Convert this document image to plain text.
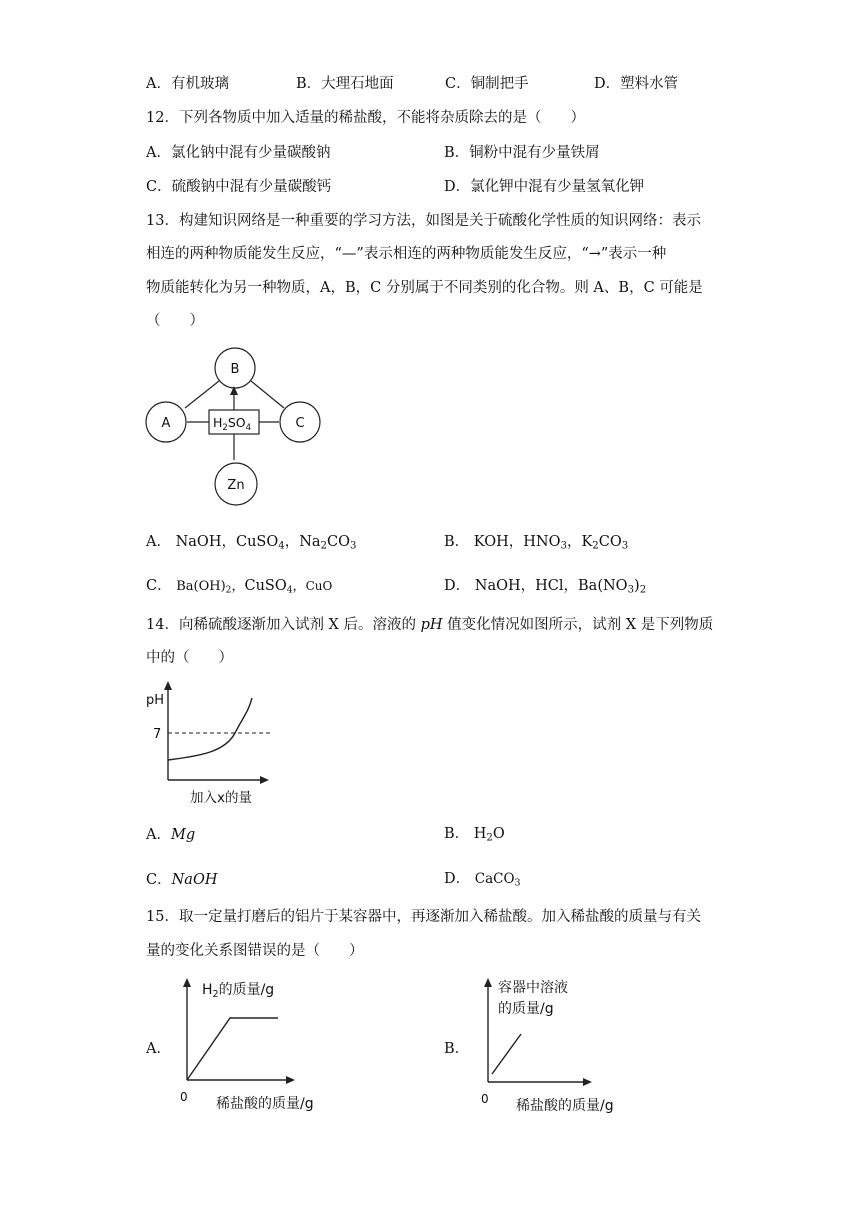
A．有机玻璃	B．大理石地面	C．铜制把手	D．塑料水管
12．下列各物质中加入适量的稀盐酸，不能将杂质除去的是（　　）
A．氯化钠中混有少量碳酸钠	B．铜粉中混有少量铁屑
C．硫酸钠中混有少量碳酸钙	D．氯化钾中混有少量氢氧化钾
13．构建知识网络是一种重要的学习方法，如图是关于硫酸化学性质的知识网络：表示
相连的两种物质能发生反应，“—”表示相连的两种物质能发生反应，“→”表示一种
物质能转化为另一种物质，A，B，C 分别属于不同类别的化合物。则 A、B，C 可能是
（　　）
B
A	C
Zn
$H_2SO_4$
A． NaOH，CuSO$_4$，$Na_2CO_3$	B． KOH，$HNO_3$，$K_2CO_3$
C． $Ba(OH)_2$，CuSO$_4$，CuO	D． NaOH，HCl，$Ba(NO_3)_2$
14．向稀硫酸逐渐加入试剂 X 后。溶液的 pH 值变化情况如图所示，试剂 X 是下列物质
中的（　　）
pH
7
加入x的量
A．Mg	B． $H_2O$
C．NaOH	D． CaCO$_3$
15．取一定量打磨后的铝片于某容器中，再逐渐加入稀盐酸。加入稀盐酸的质量与有关
量的变化关系图错误的是（　　）
A．
$H_2$的质量/g
0 稀盐酸的质量/g
B．
容器中溶液
的质量/g
0 稀盐酸的质量/g
